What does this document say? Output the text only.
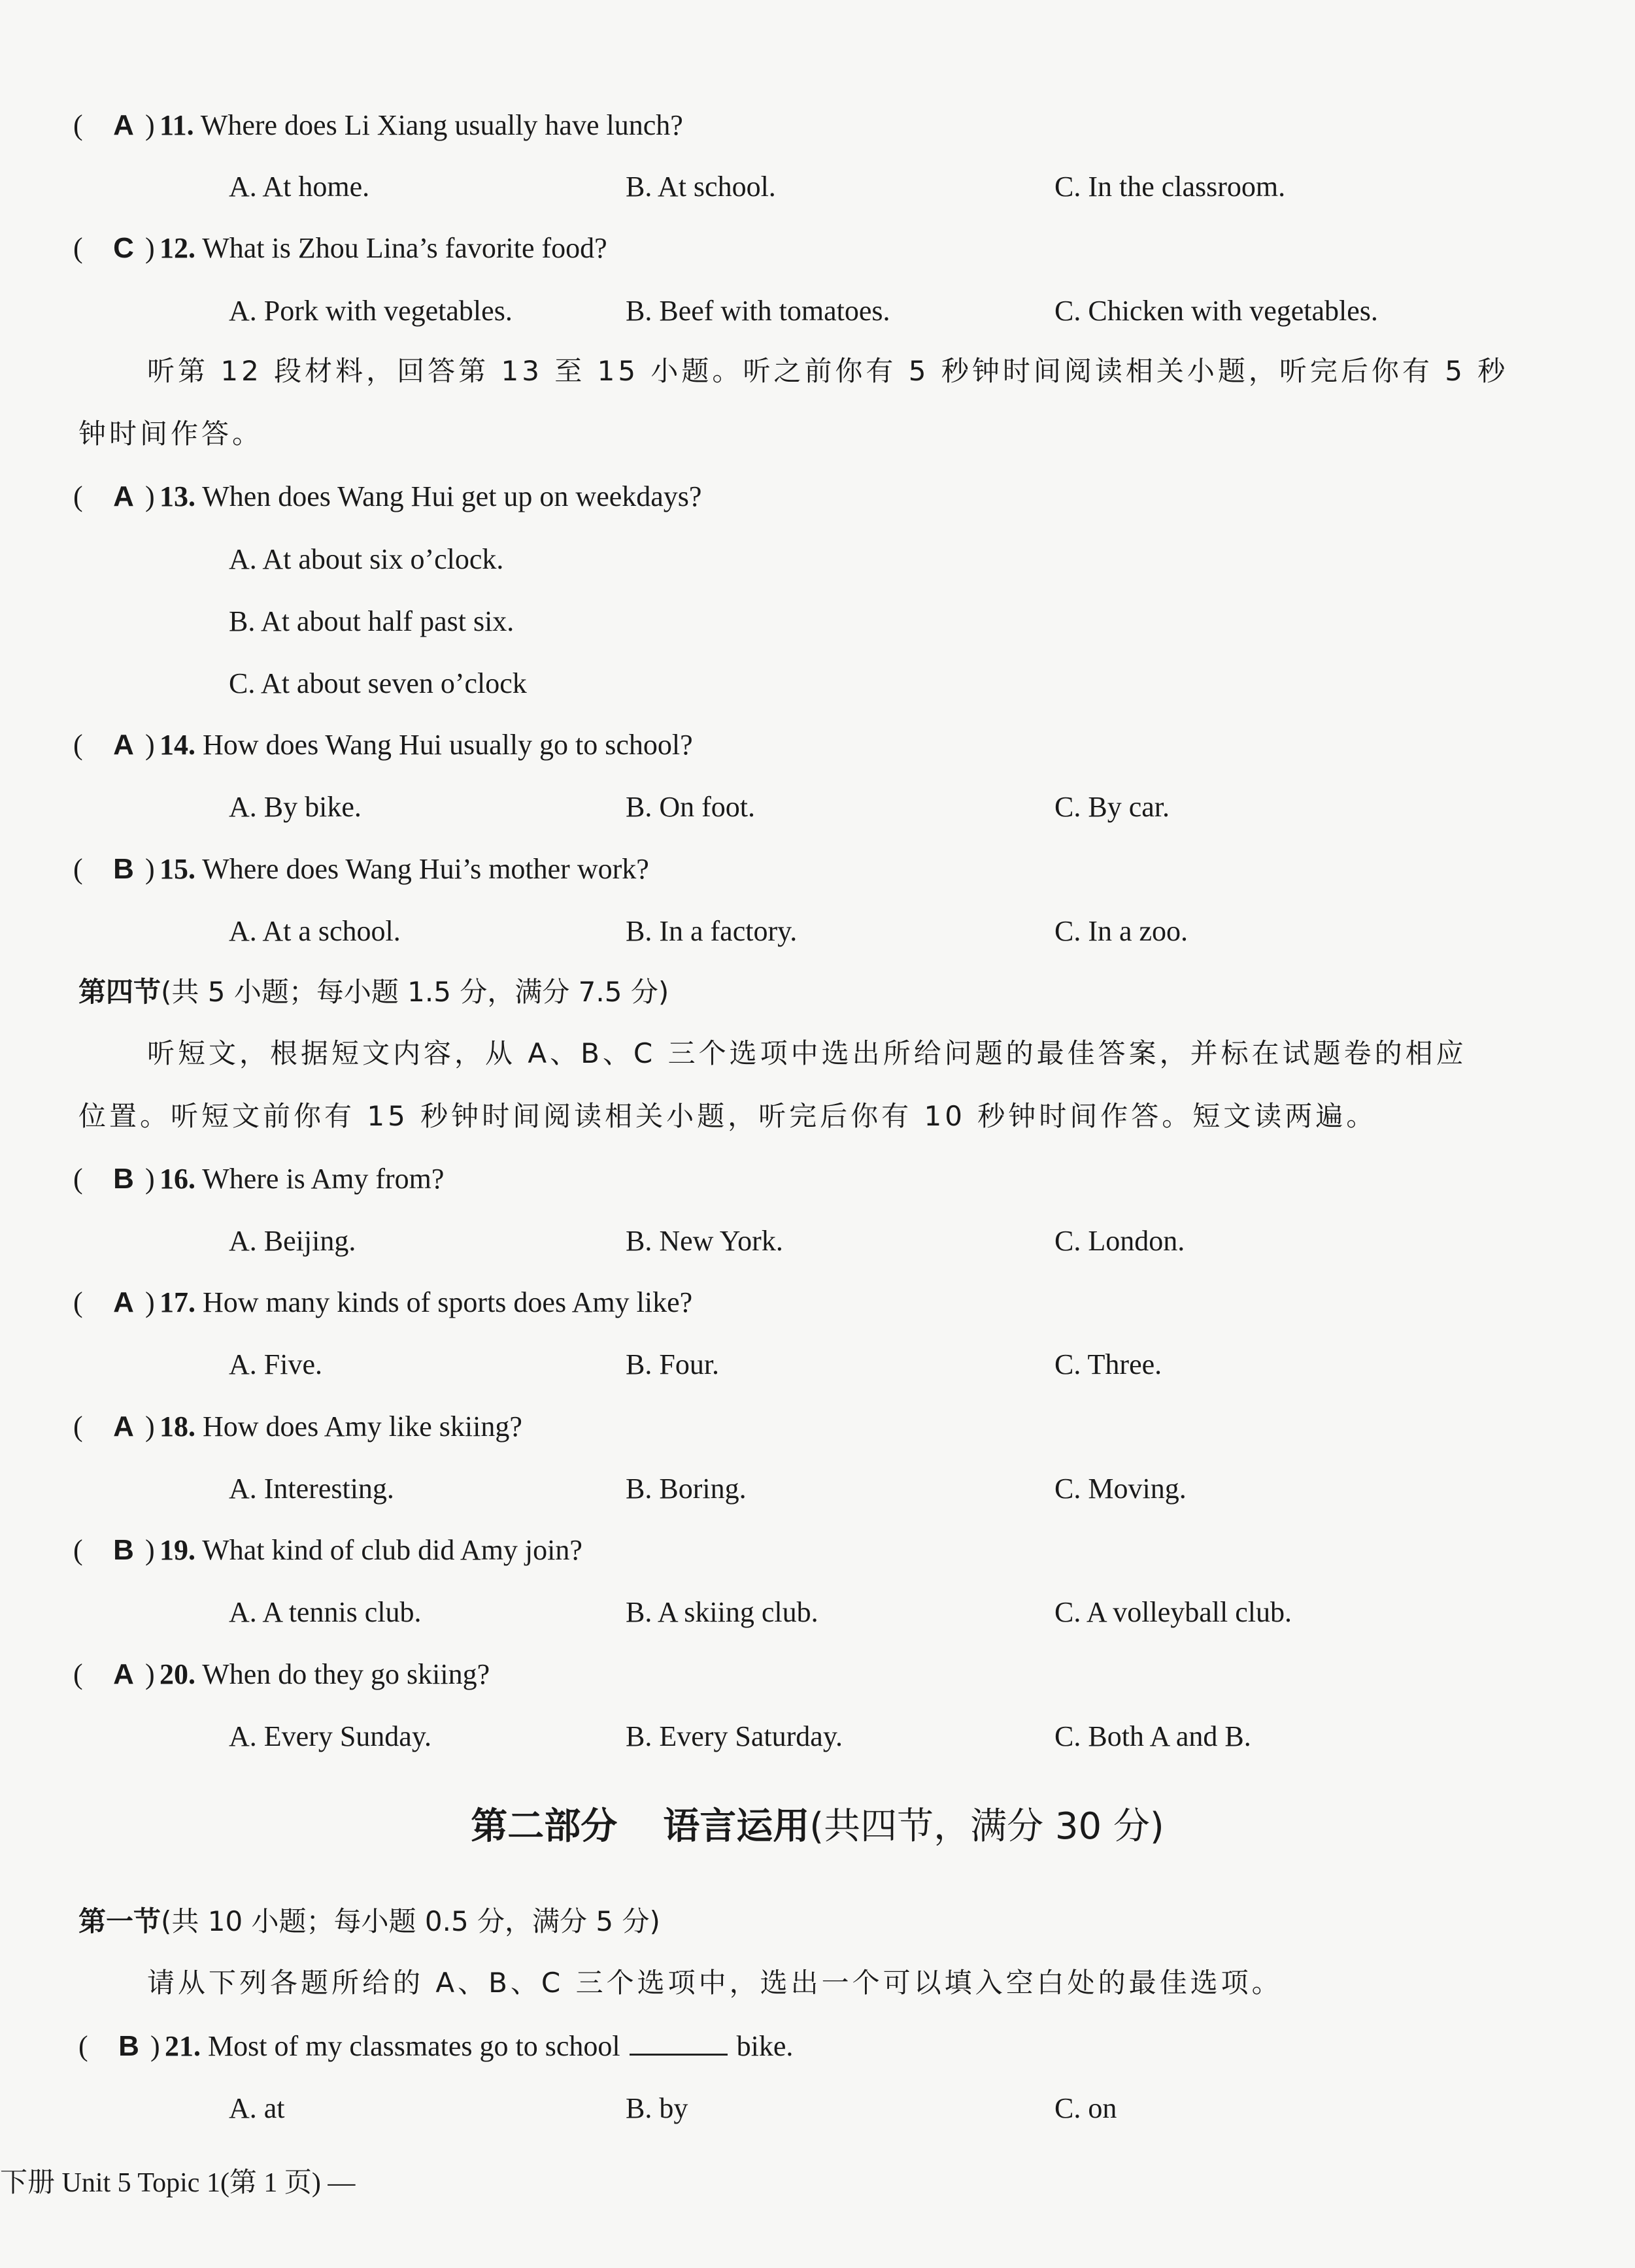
( A ) 11. Where does Li Xiang usually have lunch?
A. At home.	B. At school.	C. In the classroom.
( C ) 12. What is Zhou Lina’s favorite food?
A. Pork with vegetables.	B. Beef with tomatoes.	C. Chicken with vegetables.
听第 12 段材料，回答第 13 至 15 小题。听之前你有 5 秒钟时间阅读相关小题，听完后你有 5 秒
钟时间作答。
( A ) 13. When does Wang Hui get up on weekdays?
A. At about six o’clock.
B. At about half past six.
C. At about seven o’clock
( A ) 14. How does Wang Hui usually go to school?
A. By bike.	B. On foot.	C. By car.
( B ) 15. Where does Wang Hui’s mother work?
A. At a school.	B. In a factory.	C. In a zoo.
第四节(共 5 小题；每小题 1.5 分，满分 7.5 分)
听短文，根据短文内容，从 A、B、C 三个选项中选出所给问题的最佳答案，并标在试题卷的相应
位置。听短文前你有 15 秒钟时间阅读相关小题，听完后你有 10 秒钟时间作答。短文读两遍。
( B ) 16. Where is Amy from?
A. Beijing.	B. New York.	C. London.
( A ) 17. How many kinds of sports does Amy like?
A. Five.	B. Four.	C. Three.
( A ) 18. How does Amy like skiing?
A. Interesting.	B. Boring.	C. Moving.
( B ) 19. What kind of club did Amy join?
A. A tennis club.	B. A skiing club.	C. A volleyball club.
( A ) 20. When do they go skiing?
A. Every Sunday.	B. Every Saturday.	C. Both A and B.
第二部分 语言运用(共四节，满分 30 分)
第一节(共 10 小题；每小题 0.5 分，满分 5 分)
请从下列各题所给的 A、B、C 三个选项中，选出一个可以填入空白处的最佳选项。
( B ) 21. Most of my classmates go to school	bike.
A. at	B. by	C. on
下册 Unit 5 Topic 1(第 1 页) —
